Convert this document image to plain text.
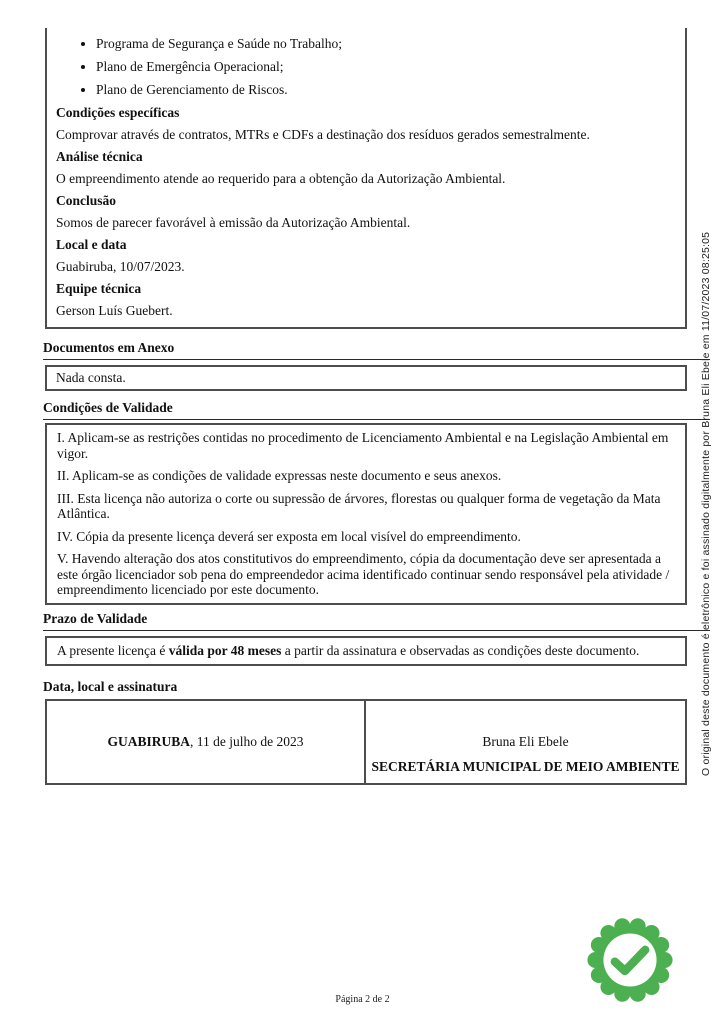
• Programa de Segurança e Saúde no Trabalho;
• Plano de Emergência Operacional;
• Plano de Gerenciamento de Riscos.

Condições específicas

Comprovar através de contratos, MTRs e CDFs a destinação dos resíduos gerados semestralmente.

Análise técnica

O empreendimento atende ao requerido para a obtenção da Autorização Ambiental.

Conclusão

Somos de parecer favorável à emissão da Autorização Ambiental.

Local e data

Guabiruba, 10/07/2023.

Equipe técnica

Gerson Luís Guebert.

Documentos em Anexo
Nada consta.
Condições de Validade

I. Aplicam-se as restrições contidas no procedimento de Licenciamento Ambiental e na Legislação Ambiental em vigor.

II. Aplicam-se as condições de validade expressas neste documento e seus anexos.

III. Esta licença não autoriza o corte ou supressão de árvores, florestas ou qualquer forma de vegetação da Mata Atlântica.

IV. Cópia da presente licença deverá ser exposta em local visível do empreendimento.

V. Havendo alteração dos atos constitutivos do empreendimento, cópia da documentação deve ser apresentada a este órgão licenciador sob pena do empreendedor acima identificado continuar sendo responsável pela atividade / empreendimento licenciado por este documento.

Prazo de Validade

A presente licença é válida por 48 meses a partir da assinatura e observadas as condições deste documento.

Data, local e assinatura

GUABIRUBA, 11 de julho de 2023	Bruna Eli Ebele
SECRETÁRIA MUNICIPAL DE MEIO AMBIENTE O original deste documento é eletrônico e foi assinado digitalmente por Bruna Eli Ebele em 11/07/2023 08:25:05
Página 2 de 2
